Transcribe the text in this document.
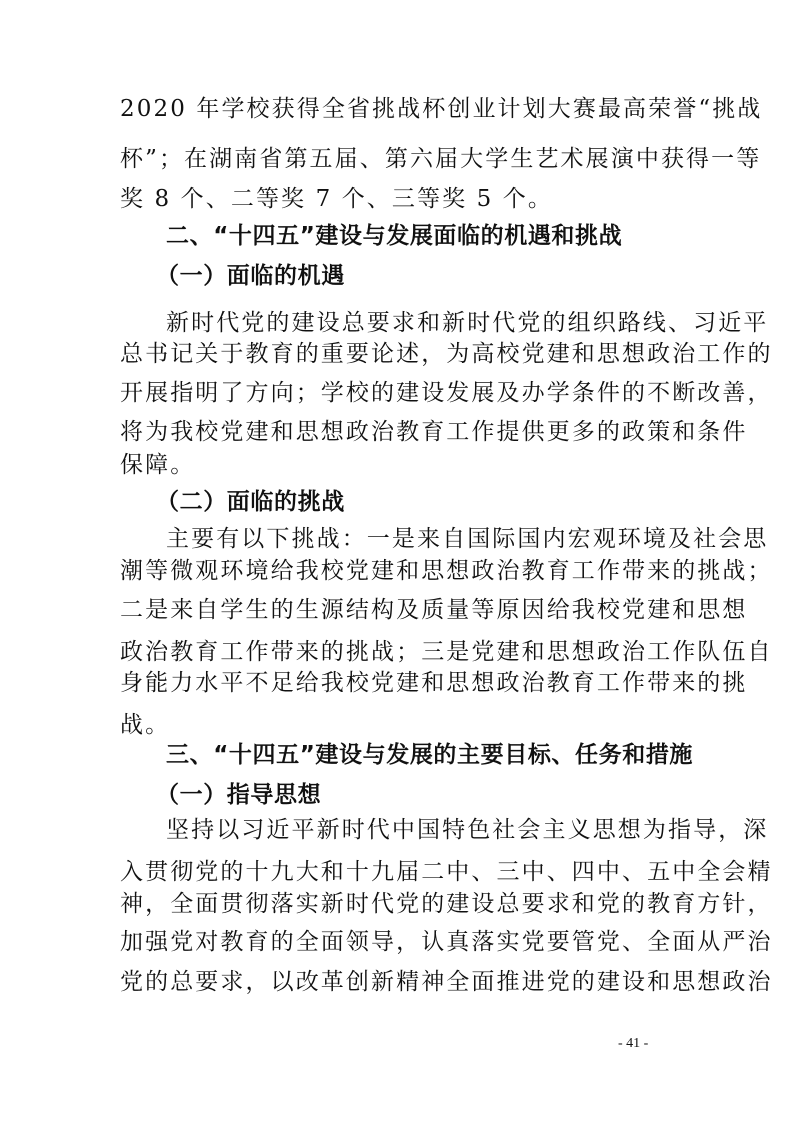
2020 年学校获得全省挑战杯创业计划大赛最高荣誉“挑战
杯”；在湖南省第五届、第六届大学生艺术展演中获得一等
奖 8 个、二等奖 7 个、三等奖 5 个。
二、“十四五”建设与发展面临的机遇和挑战
（一）面临的机遇
新时代党的建设总要求和新时代党的组织路线、习近平
总书记关于教育的重要论述，为高校党建和思想政治工作的
开展指明了方向；学校的建设发展及办学条件的不断改善，
将为我校党建和思想政治教育工作提供更多的政策和条件
保障。
（二）面临的挑战
主要有以下挑战：一是来自国际国内宏观环境及社会思
潮等微观环境给我校党建和思想政治教育工作带来的挑战；
二是来自学生的生源结构及质量等原因给我校党建和思想
政治教育工作带来的挑战；三是党建和思想政治工作队伍自
身能力水平不足给我校党建和思想政治教育工作带来的挑
战。
三、“十四五”建设与发展的主要目标、任务和措施
（一）指导思想
坚持以习近平新时代中国特色社会主义思想为指导，深
入贯彻党的十九大和十九届二中、三中、四中、五中全会精
神，全面贯彻落实新时代党的建设总要求和党的教育方针，
加强党对教育的全面领导，认真落实党要管党、全面从严治
党的总要求，以改革创新精神全面推进党的建设和思想政治
- 41 -
